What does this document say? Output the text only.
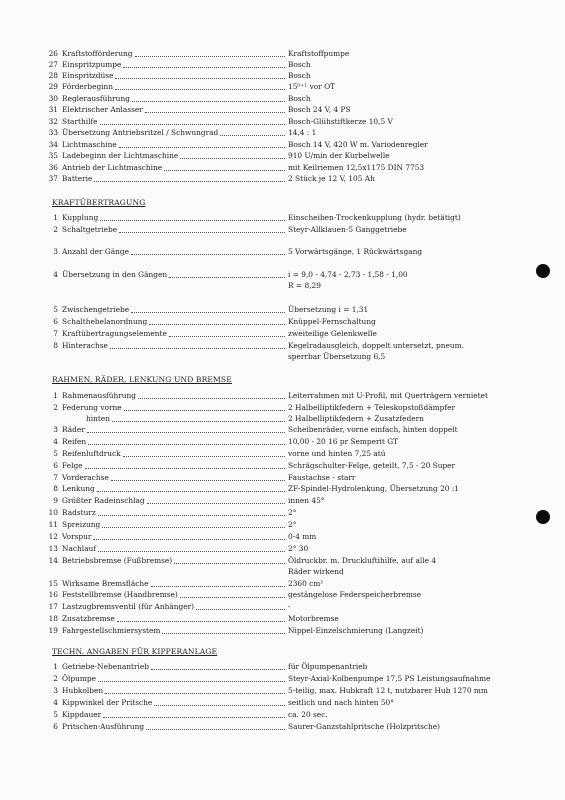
26 Kraftstofförderung	Kraftstoffpumpe
27 Einspritzpumpe	Bosch
28 Einspritzdüse	Bosch
29 Förderbeginn	15⁰⁺¹ vor OT
30 Reglerausführung	Bosch
31 Elektrischer Anlasser	Bosch 24 V, 4 PS
32 Starthilfe	Bosch-Glühstiftkerze 10,5 V
33 Übersetzung Antriebsritzel / Schwungrad	14,4 : 1
34 Lichtmaschine	Bosch 14 V, 420 W m. Variodenregler
35 Ladebeginn der Lichtmaschine	910 U/min der Kurbelwelle
36 Antrieb der Lichtmaschine	mit Keilriemen 12,5x1175 DIN 7753
37 Batterie	2 Stück je 12 V, 105 Ah
KRAFTÜBERTRAGUNG
1 Kupplung	Einscheiben-Trockenkupplung (hydr. betätigt)
2 Schaltgetriebe	Steyr-Allklauen-5 Ganggetriebe
3 Anzahl der Gänge	5 Vorwärtsgänge, 1 Rückwärtsgang
4 Übersetzung in den Gängen	i = 9,0 - 4,74 - 2,73 - 1,58 - 1,00
R = 8,29
5 Zwischengetriebe	Übersetzung i = 1,31
6 Schalthebelanordnung	Knüppel-Fernschaltung
7 Kraftübertragungselemente	zweiteilige Gelenkwelle
8 Hinterachse	Kegelradausgleich, doppelt untersetzt, pneum.
sperrbar Übersetzung 6,5
RAHMEN, RÄDER, LENKUNG UND BREMSE
1 Rahmenausführung	Leiterrahmen mit U-Profil, mit Querträgern vernietet
2 Federung vorne	2 Halbelliptikfedern + Teleskopstoßdämpfer
hinten	2 Halbelliptikfedern + Zusatzfedern
3 Räder	Scheibenräder, vorne einfach, hinten doppelt
4 Reifen	10,00 - 20 16 pr Semperit GT
5 Reifenluftdruck	vorne und hinten 7,25 atü
6 Felge	Schrägschulter-Felge, geteilt, 7,5 - 20 Super
7 Vorderachse	Faustachse - starr
8 Lenkung	ZF-Spindel-Hydrolenkung, Übersetzung 20 :1
9 Größter Radeinschlag	innen 45°
10 Radsturz	2°
11 Spreizung	2°
12 Vorspur	0-4 mm
13 Nachlauf	2° 30
14 Betriebsbremse (Fußbremse)	Öldruckbr. m. Druckluftihilfe, auf alle 4
Räder wirkend
15 Wirksame Bremsfläche	2360 cm²
16 Feststellbremse (Handbremse)	gestängelose Federspeicherbremse
17 Lastzugbremsventil (für Anhänger)	-
18 Zusatzbremse	Motorbremse
19 Fahrgestellschmiersystem	Nippel-Einzelschmierung (Langzeit)
TECHN. ANGABEN FÜR KIPPERANLAGE
1 Getriebe-Nebenantrieb	für Ölpumpenantrieb
2 Ölpumpe	Steyr-Axial-Kolbenpumpe 17,5 PS Leistungsaufnahme
3 Hubkolben	5-teilig, max. Hubkraft 12 t, nutzbarer Hub 1270 mm
4 Kippwinkel der Pritsche	seitlich und nach hinten 50°
5 Kippdauer	ca. 20 sec.
6 Pritschen-Ausführung	Saurer-Ganzstahlpritsche (Holzpritsche)
